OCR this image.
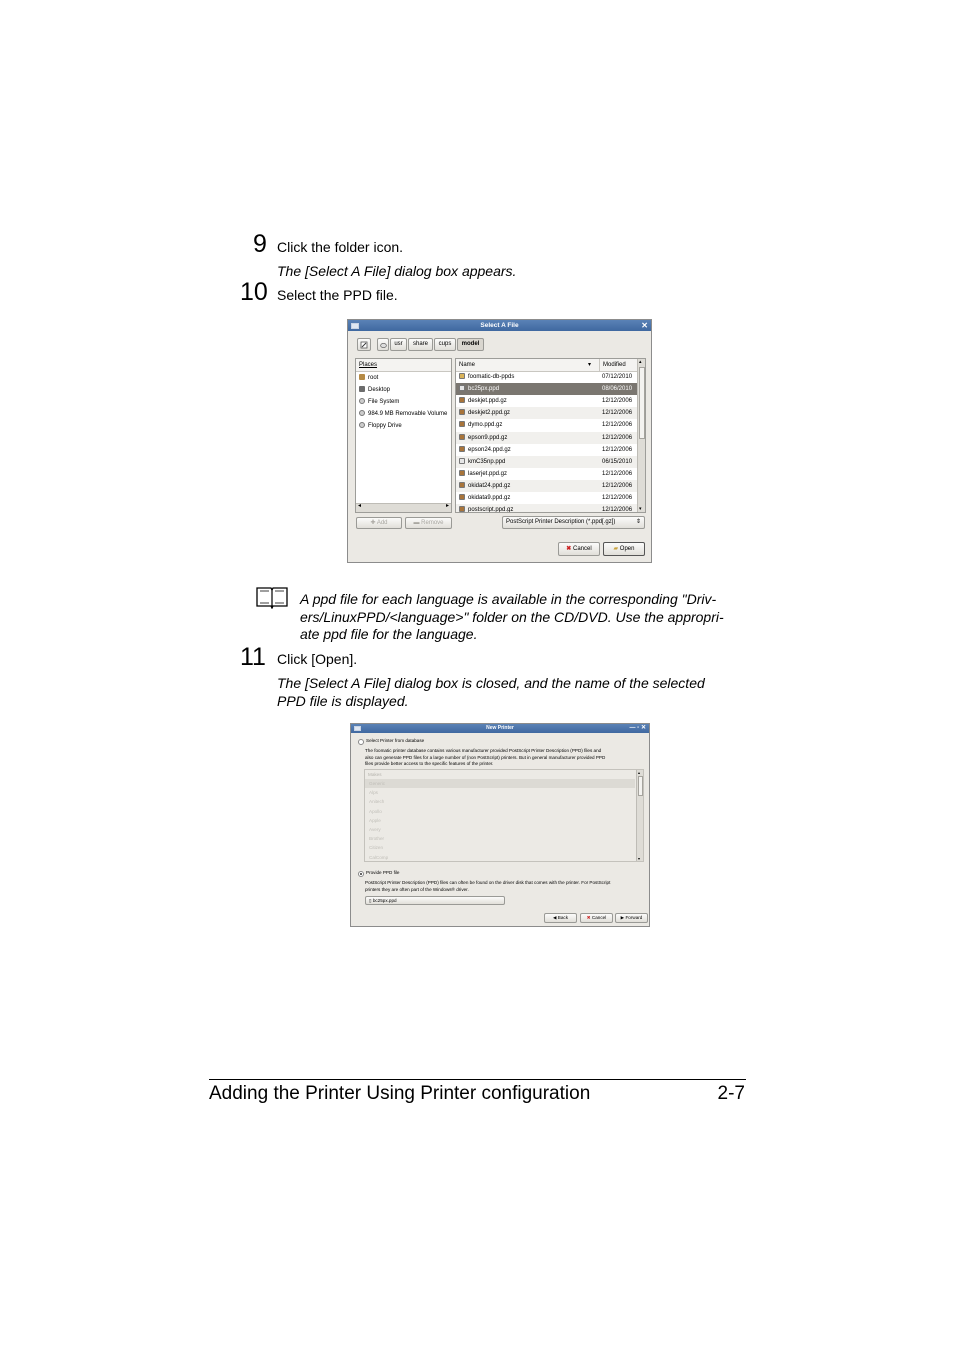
9 Click the folder icon.
The [Select A File] dialog box appears.
10 Select the PPD file.
Select A File	✕
usr	share	cups	model
Places
root
Desktop
File System
984.9 MB Removable Volume
Floppy Drive
◂	▸
Name	▾	Modified
foomatic-db-ppds	07/12/2010
bc25px.ppd	08/06/2010
deskjet.ppd.gz	12/12/2006
deskjet2.ppd.gz	12/12/2006
dymo.ppd.gz	12/12/2006
epson9.ppd.gz	12/12/2006
epson24.ppd.gz	12/12/2006
kmC35np.ppd	06/15/2010
laserjet.ppd.gz	12/12/2006
okidat24.ppd.gz	12/12/2006
okidata9.ppd.gz	12/12/2006
postscript.ppd.gz	12/12/2006
▴
▾
✚ Add	▬ Remove	PostScript Printer Description (*.ppd[.gz])	⇕
✖ Cancel	▰ Open
A ppd file for each language is available in the corresponding "Driv-
ers/LinuxPPD/<language>" folder on the CD/DVD. Use the appropri-
ate ppd file for the language.
11 Click [Open].
The [Select A File] dialog box is closed, and the name of the selected
PPD file is displayed.
New Printer	— ▫ ✕
Select Printer from database
The foomatic printer database contains various manufacturer provided PostScript Printer Description (PPD) files and
also can generate PPD files for a large number of (non PostScript) printers. But in general manufacturer provided PPD
files provide better access to the specific features of the printer.
Makes
Generic
Alps
Anitech
Apollo
Apple
Avery
Brother
Citizen
CalComp
▴
▾
Provide PPD file
PostScript Printer Description (PPD) files can often be found on the driver disk that comes with the printer. For PostScript
printers they are often part of the Windows® driver.
▯ bc25px.ppd
◀ Back	✖ Cancel	▶ Forward
Adding the Printer Using Printer configuration	2-7
